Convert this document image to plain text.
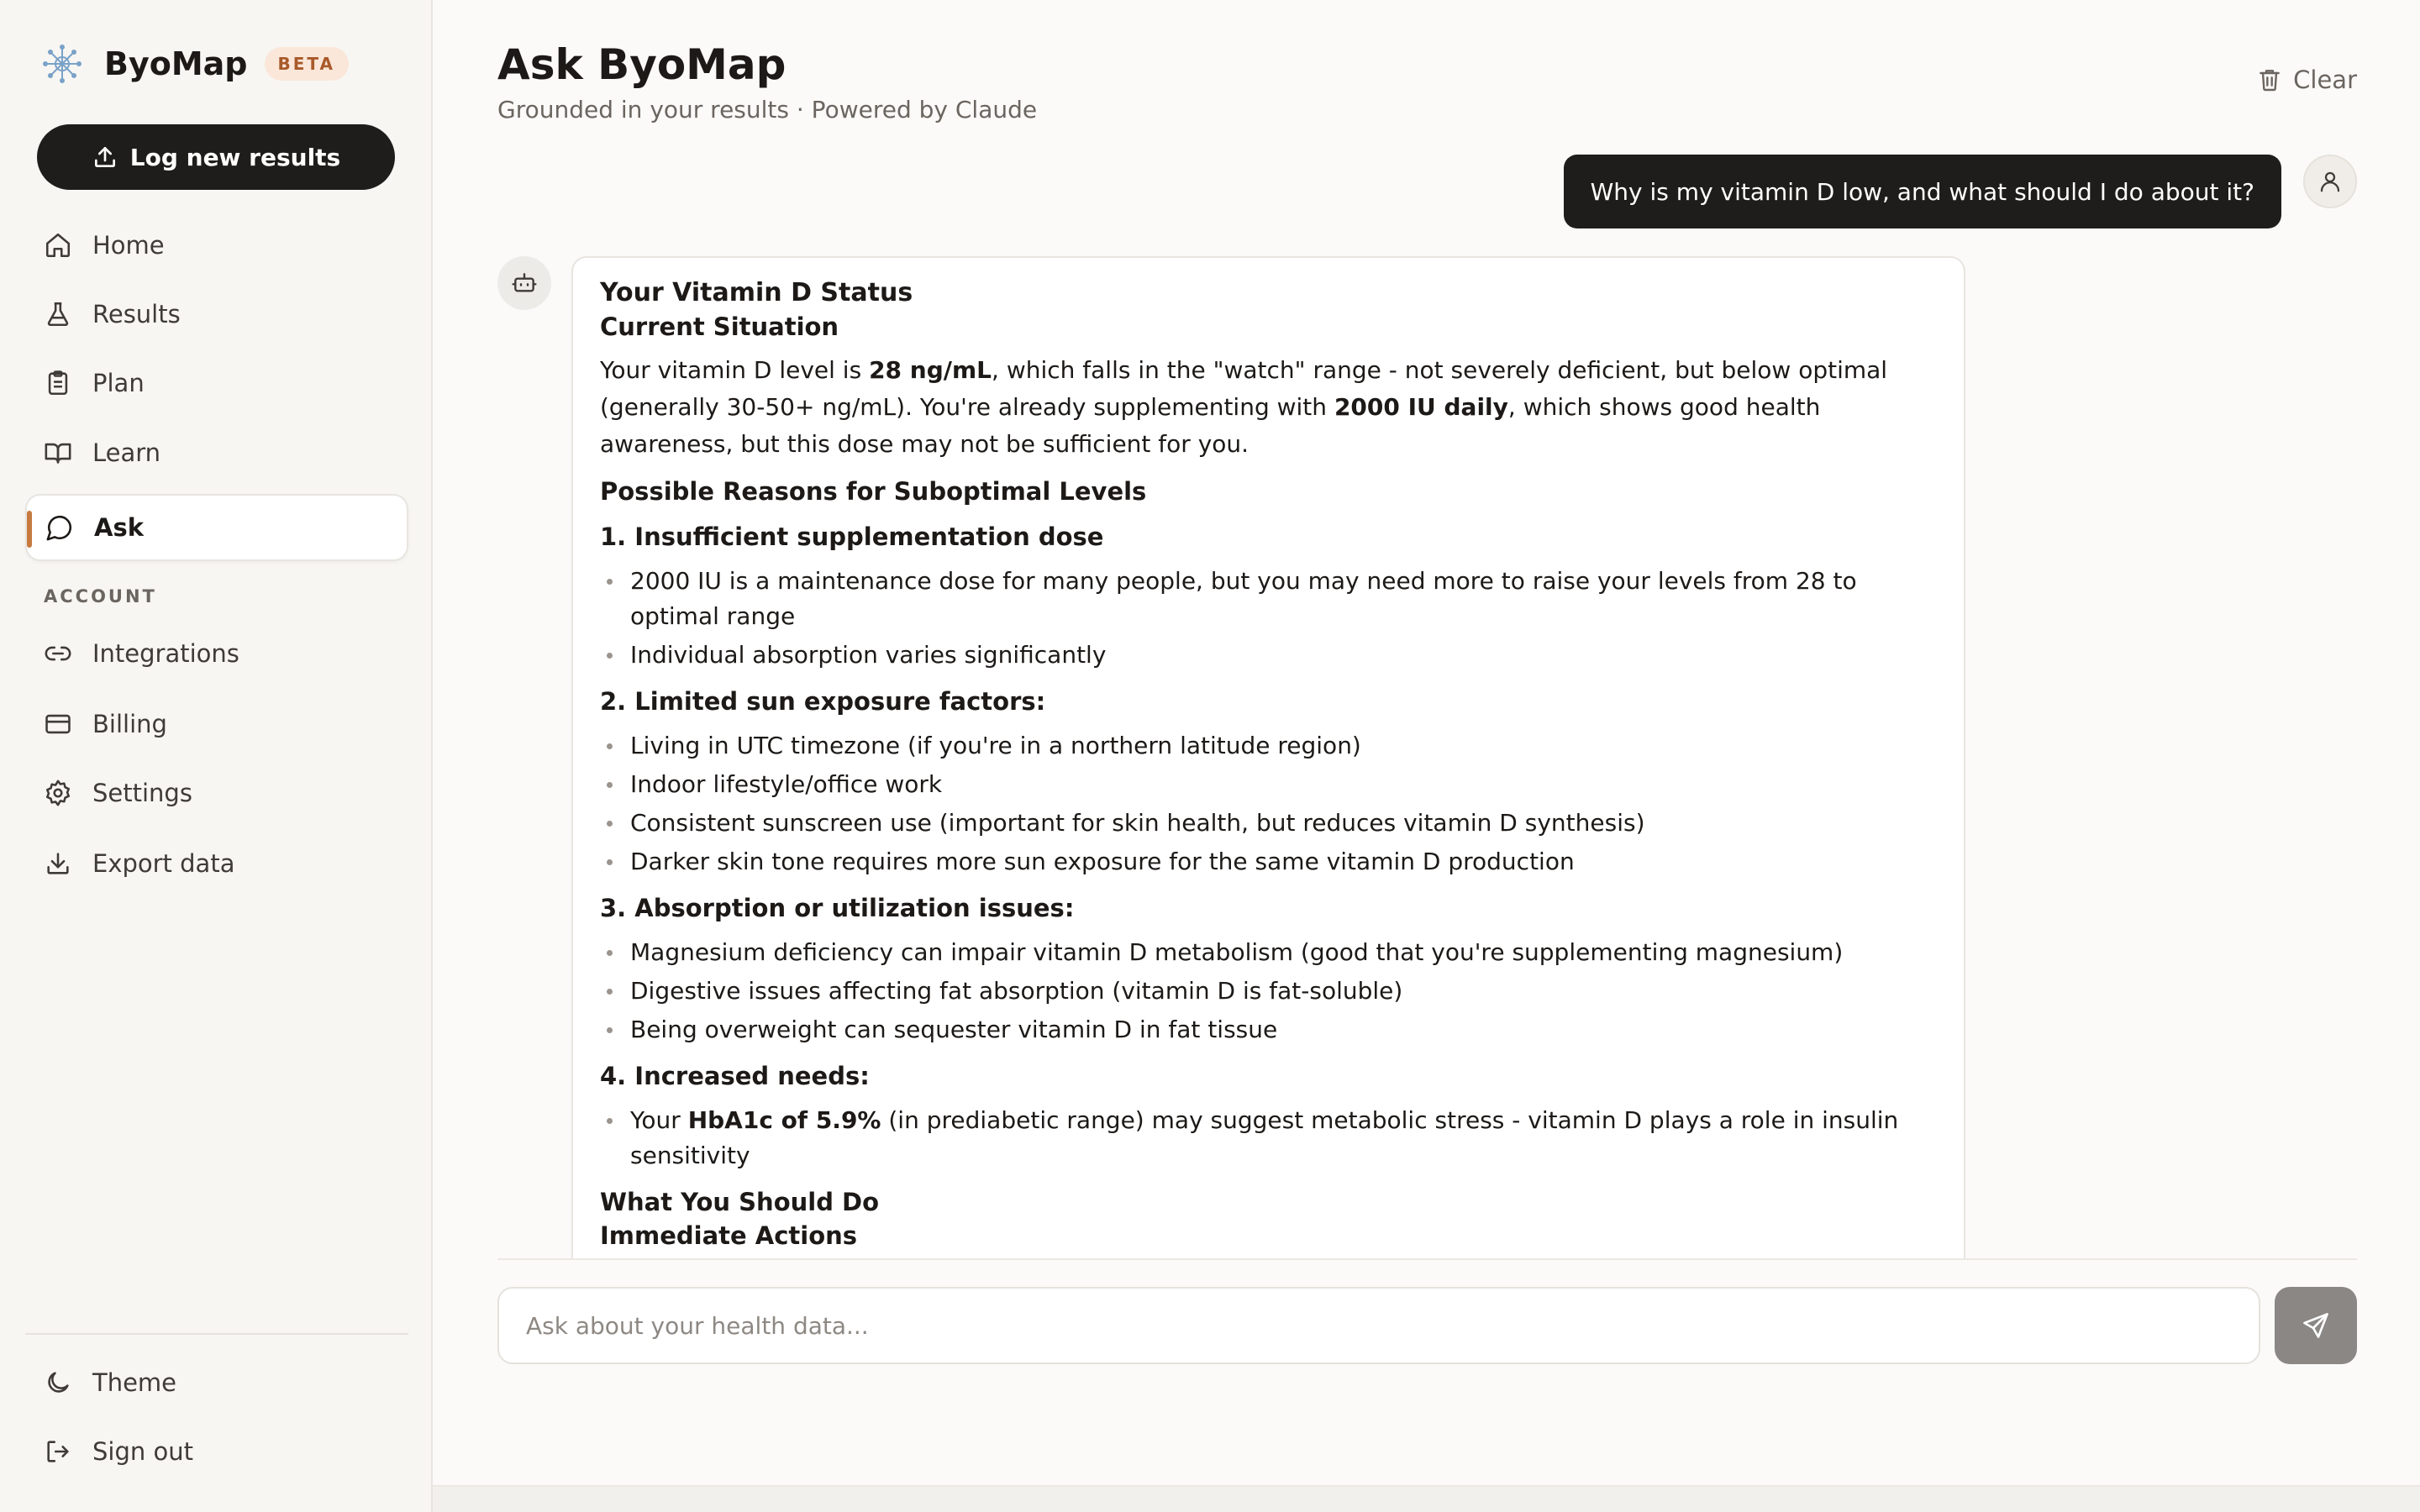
ByoMap	BETA
Log new results
Home
Results
Plan
Learn
Ask
ACCOUNT
Integrations
Billing
Settings
Export data
Theme
Sign out
Ask ByoMap
Grounded in your results · Powered by Claude
Clear
Why is my vitamin D low, and what should I do about it?
Your Vitamin D Status
Current Situation

Your vitamin D level is 28 ng/mL, which falls in the "watch" range - not severely deficient, but below optimal (generally 30-50+ ng/mL). You're already supplementing with 2000 IU daily, which shows good health awareness, but this dose may not be sufficient for you.

Possible Reasons for Suboptimal Levels
1. Insufficient supplementation dose
2000 IU is a maintenance dose for many people, but you may need more to raise your levels from 28 to optimal range
Individual absorption varies significantly
2. Limited sun exposure factors:
Living in UTC timezone (if you're in a northern latitude region)
Indoor lifestyle/office work
Consistent sunscreen use (important for skin health, but reduces vitamin D synthesis)
Darker skin tone requires more sun exposure for the same vitamin D production
3. Absorption or utilization issues:
Magnesium deficiency can impair vitamin D metabolism (good that you're supplementing magnesium)
Digestive issues affecting fat absorption (vitamin D is fat-soluble)
Being overweight can sequester vitamin D in fat tissue
4. Increased needs:
Your HbA1c of 5.9% (in prediabetic range) may suggest metabolic stress - vitamin D plays a role in insulin sensitivity
What You Should Do
Immediate Actions
Ask about your health data...
